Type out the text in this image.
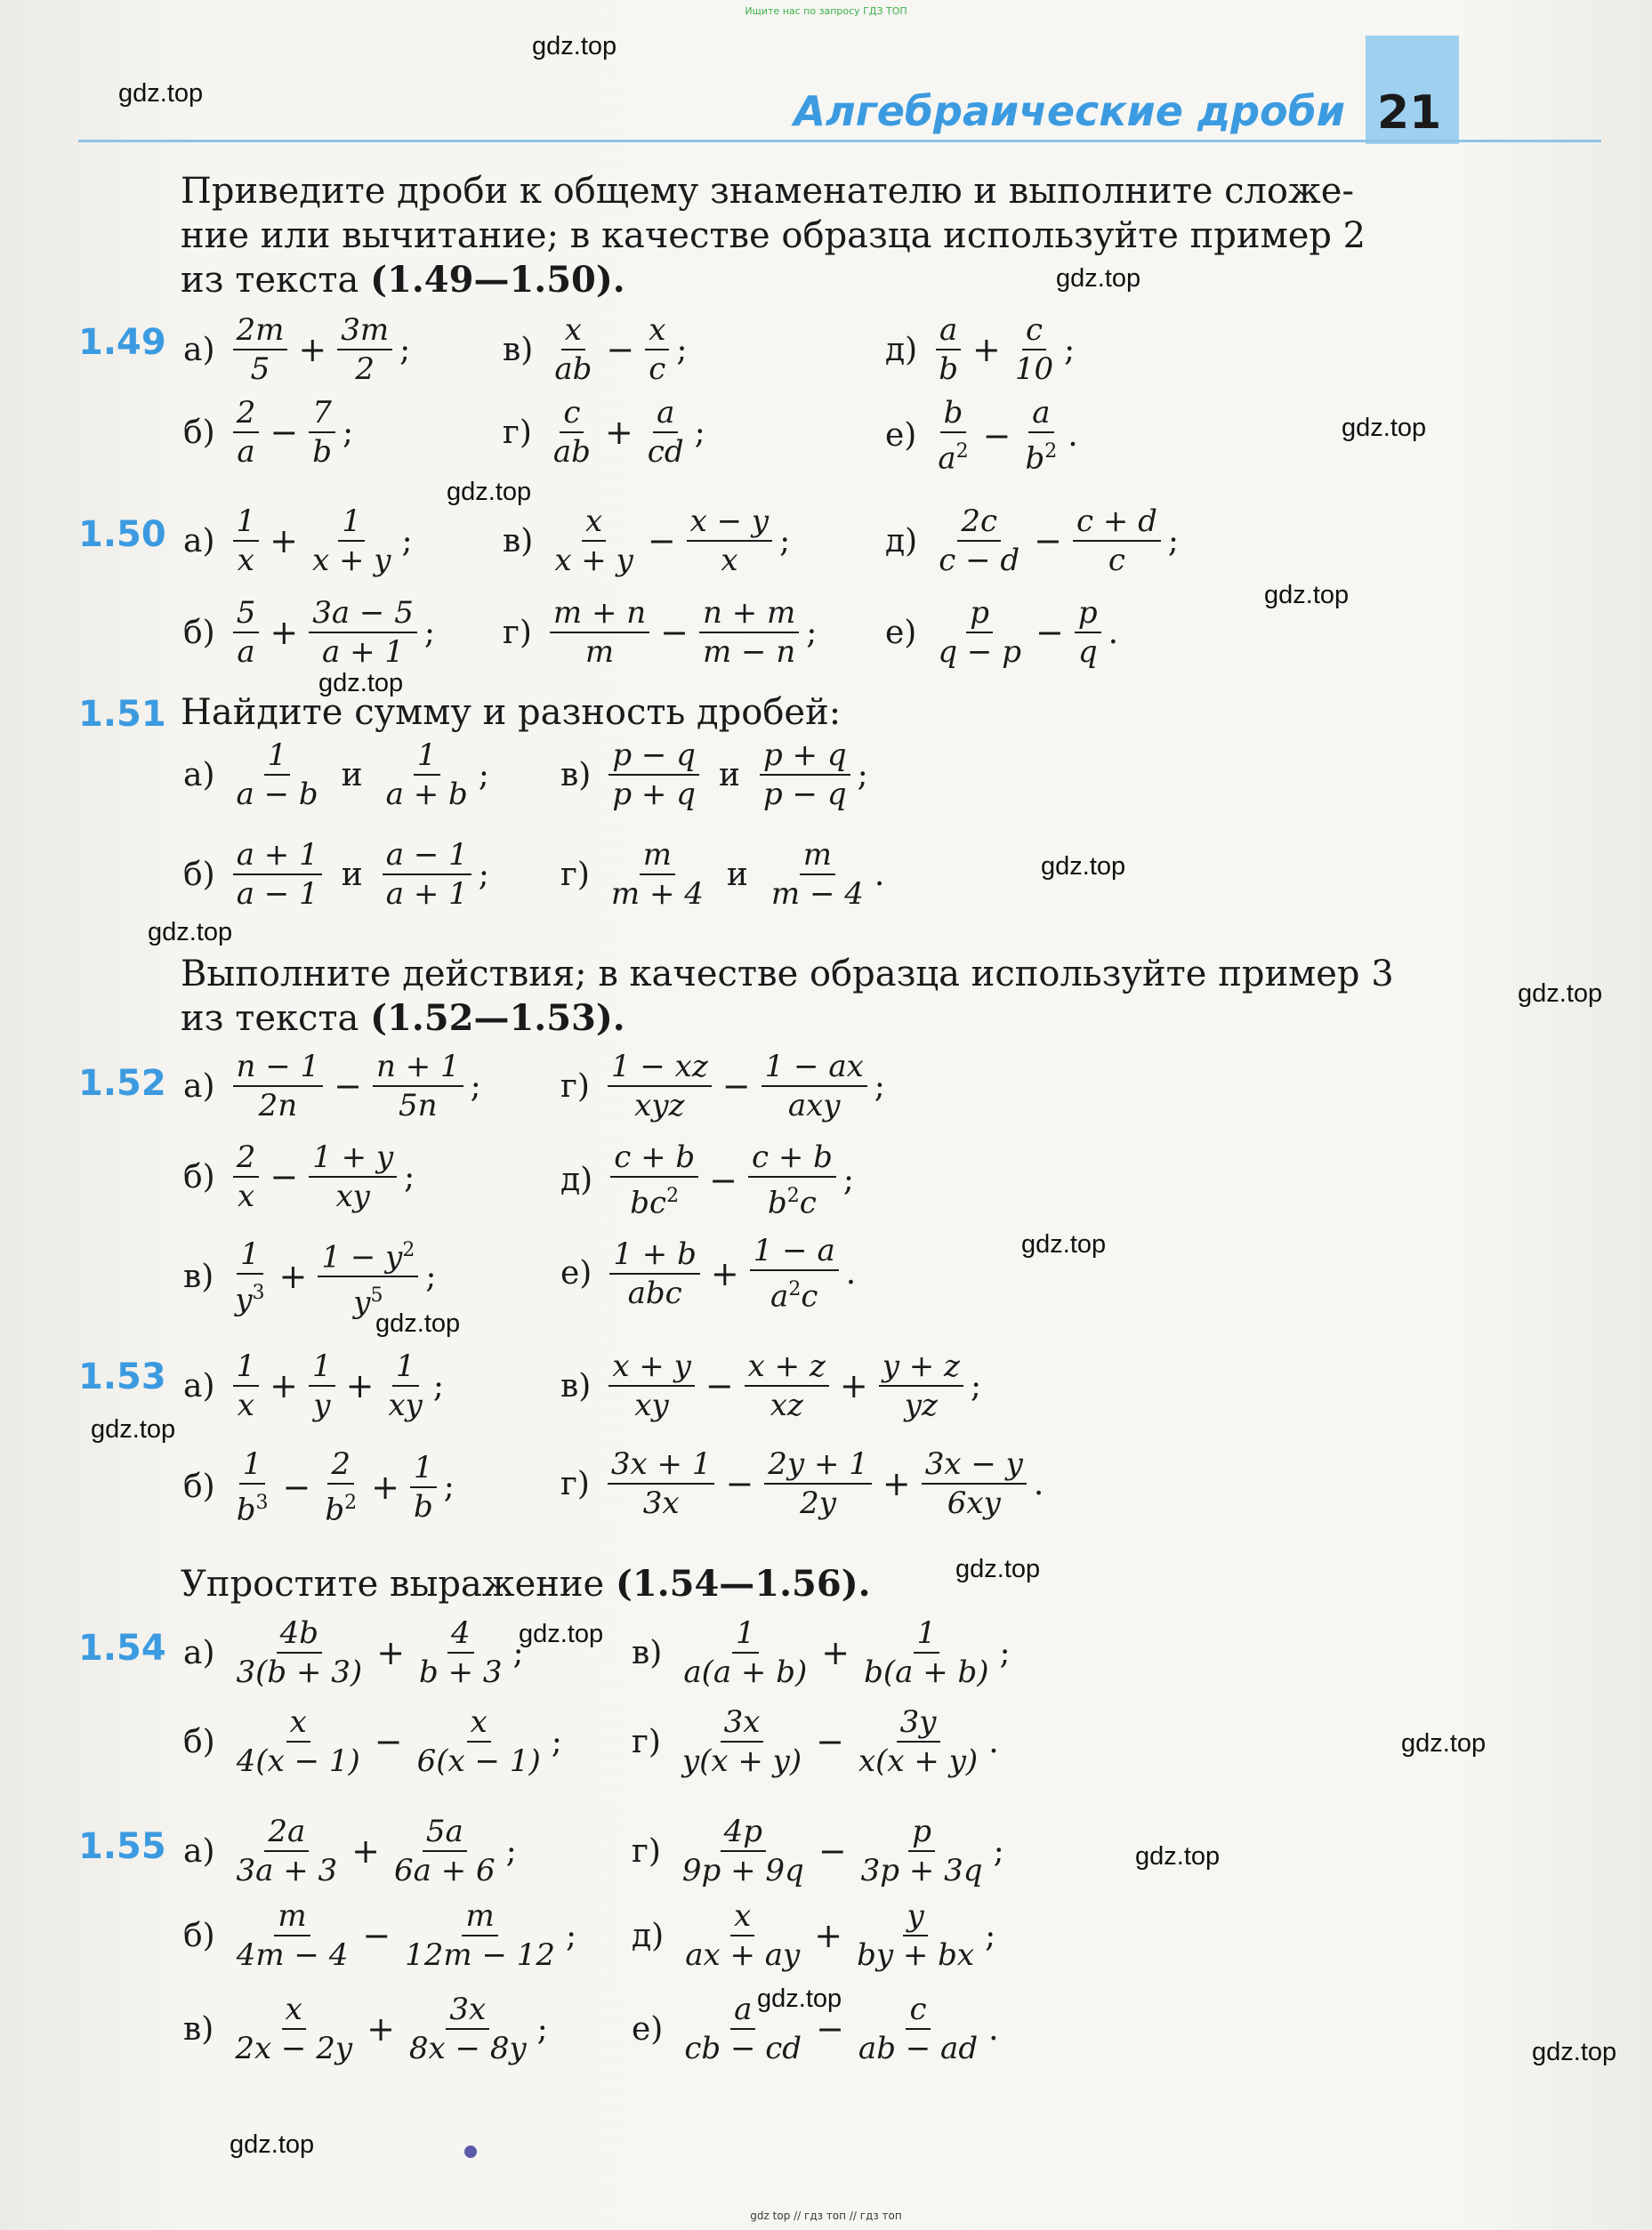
Ищите нас по запросу ГДЗ ТОП
Алгебраические дроби 21
Приведите дроби к общему знаменателю и выполните сложе-
ние или вычитание; в качестве образца используйте пример 2
из текста (1.49—1.50).
1.49 $а) \frac{2m}{5} + \frac{3m}{2}$ ;	$в) \frac{x}{ab} - \frac{x}{c}$ ;	$д) \frac{a}{b} + \frac{c}{10}$ ;
$б) \frac{2}{a} - \frac{7}{b}$ ;	$г) \frac{c}{ab} + \frac{a}{cd}$ ;	$е) \frac{b}{a^2} - \frac{a}{b^2}$ .
1.50 $а) \frac{1}{x} + \frac{1}{x + y}$ ;	$в) \frac{x}{x + y} - \frac{x - y}{x}$ ;	$д) \frac{2c}{c - d} - \frac{c + d}{c}$ ;
$б) \frac{5}{a} + \frac{3a - 5}{a + 1}$ ; $г) \frac{m + n}{m} - \frac{n + m}{m - n}$ ; $е) \frac{p}{q - p} - \frac{p}{q}$ .
1.51 Найдите сумму и разность дробей:
$а) \frac{1}{a - b}$ и $\frac{1}{a + b}$ ; $в) \frac{p - q}{p + q}$ и $\frac{p + q}{p - q}$ ;
$б) \frac{a + 1}{a - 1}$ и $\frac{a - 1}{a + 1}$ ; $г) \frac{m}{m + 4}$ и $\frac{m}{m - 4}$ .
Выполните действия; в качестве образца используйте пример 3
из текста (1.52—1.53).
1.52 $а) \frac{n - 1}{2n} - \frac{n + 1}{5n}$ ; $г) \frac{1 - xz}{\text{xyz}} - \frac{1 - ax}{\text{axy}}$ ;
$б) \frac{2}{x} - \frac{1 + y}{xy}$ ;	$д) \frac{c + b}{bc^2} - \frac{c + b}{b^2c}$ ;
$в) \frac{1}{y^3} + \frac{1 - y^2}{y^5}$ ;	$е) \frac{1 + b}{\text{abc}} + \frac{1 - a}{a^2c}$ .
1.53 $а) \frac{1}{x} + \frac{1}{y} + \frac{1}{xy}$ ;	$в) \frac{x + y}{xy} - \frac{x + z}{xz} + \frac{y + z}{yz}$ ;
$б) \frac{1}{b^3} - \frac{2}{b^2} + \frac{1}{b}$ ;	$г) \frac{3x + 1}{3x} - \frac{2y + 1}{2y} + \frac{3x - y}{6xy}$ .
Упростите выражение (1.54—1.56).
1.54 $а) \frac{4b}{3(b + 3)} + \frac{4}{b + 3}$ ;	$в) \frac{1}{a(a + b)} + \frac{1}{b(a + b)}$ ;
$б) \frac{x}{4(x - 1)} - \frac{x}{6(x - 1)}$ ; $г) \frac{3x}{y(x + y)} - \frac{3y}{x(x + y)}$ .
1.55 $а) \frac{2a}{3a + 3} + \frac{5a}{6a + 6}$ ;	$г) \frac{4p}{9p + 9q} - \frac{p}{3p + 3q}$ ;
$б) \frac{m}{4m - 4} - \frac{m}{12m - 12}$ ; $д) \frac{x}{ax + ay} + \frac{y}{by + bx}$ ;
$в) \frac{x}{2x - 2y} + \frac{3x}{8x - 8y}$ ;	$е) \frac{a}{cb - cd} - \frac{c}{ab - ad}$ .
gdz.top
gdz.top
gdz.top
gdz.top
gdz.top
gdz.top
gdz.top
gdz.top
gdz.top
gdz.top
gdz.top
gdz.top
gdz.top
gdz.top
gdz.top
gdz.top
gdz.top
gdz.top
gdz.top
gdz.top
gdz top // гдз топ // гдз топ
